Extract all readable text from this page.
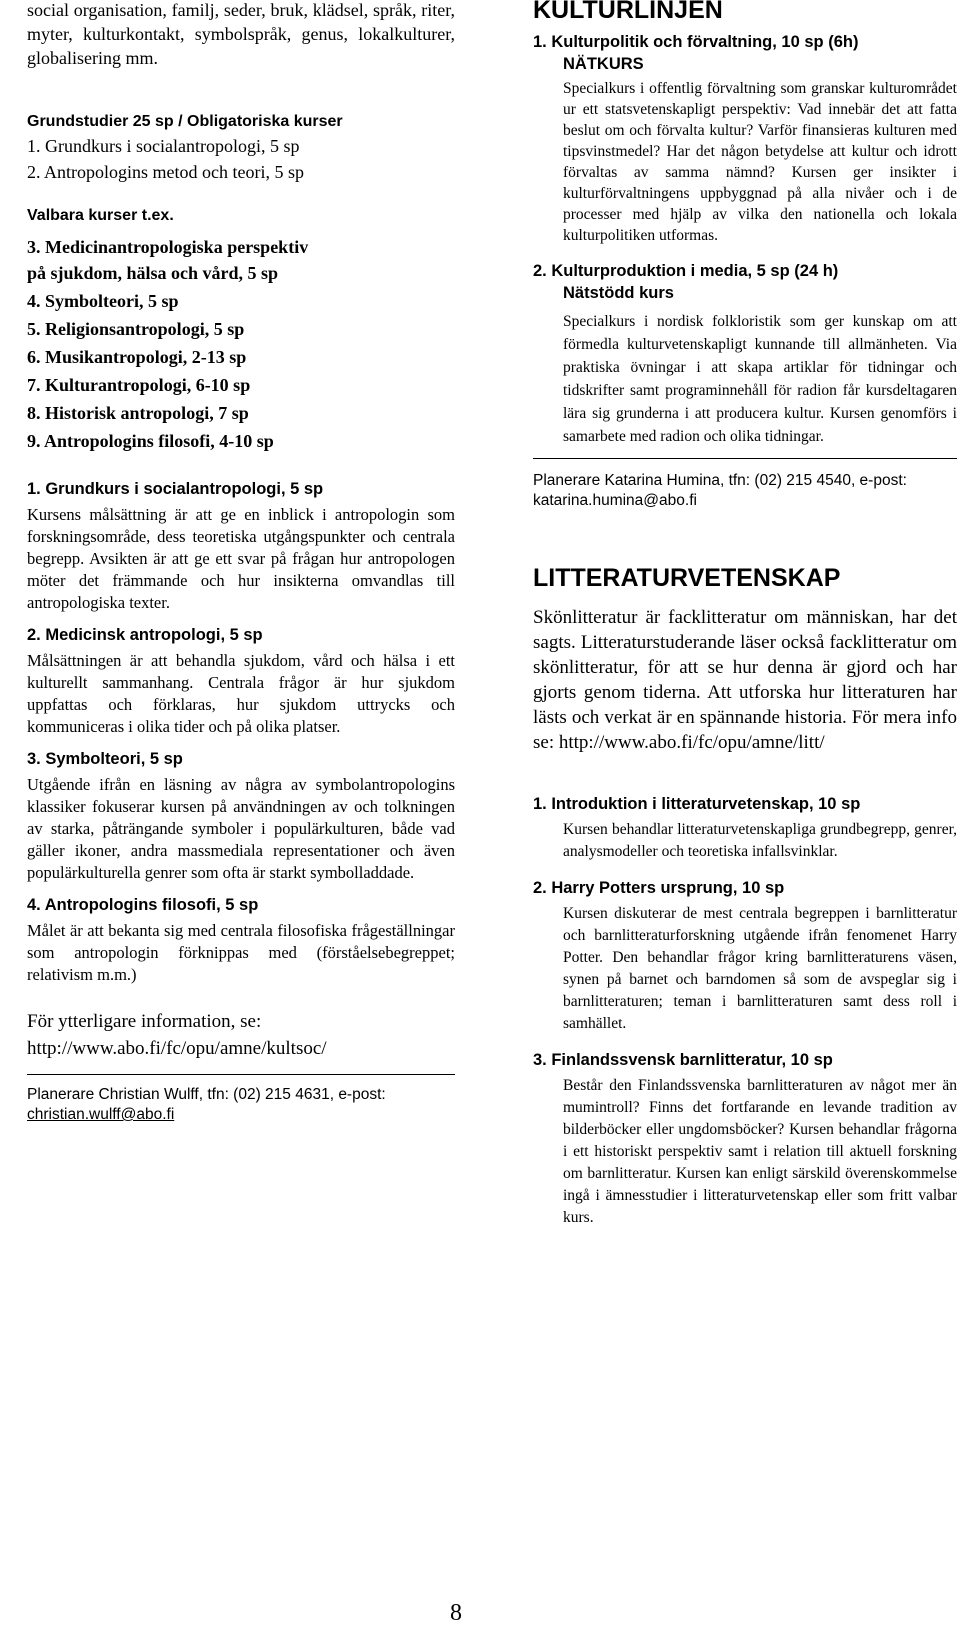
social organisation, familj, seder, bruk, klädsel, språk, riter, myter, kulturkontakt, symbolspråk, genus, lokalkulturer, globalisering mm.

Grundstudier 25 sp / Obligatoriska kurser

1. Grundkurs i socialantropologi, 5 sp

2. Antropologins metod och teori, 5 sp

Valbara kurser t.ex.

3. Medicinantropologiska perspektiv på sjukdom, hälsa och vård, 5 sp

4. Symbolteori, 5 sp

5. Religionsantropologi, 5 sp

6. Musikantropologi, 2-13 sp

7. Kulturantropologi, 6-10 sp

8. Historisk antropologi, 7 sp

9. Antropologins filosofi, 4-10 sp

1. Grundkurs i socialantropologi, 5 sp

Kursens målsättning är att ge en inblick i antropologin som forskningsområde, dess teoretiska utgångspunkter och centrala begrepp. Avsikten är att ge ett svar på frågan hur antropologen möter det främmande och hur insikterna omvandlas till antropologiska texter.

2. Medicinsk antropologi, 5 sp

Målsättningen är att behandla sjukdom, vård och hälsa i ett kulturellt sammanhang. Centrala frågor är hur sjukdom uppfattas och förklaras, hur sjukdom uttrycks och kommuniceras i olika tider och på olika platser.

3. Symbolteori, 5 sp

Utgående ifrån en läsning av några av symbolantropologins klassiker fokuserar kursen på användningen av och tolkningen av starka, påträngande symboler i populärkulturen, både vad gäller ikoner, andra massmediala representationer och även populärkulturella genrer som ofta är starkt symbolladdade.

4. Antropologins filosofi, 5 sp

Målet är att bekanta sig med centrala filosofiska frågeställningar som antropologin förknippas med (förståelsebegreppet; relativism m.m.)

För ytterligare information, se:

http://www.abo.fi/fc/opu/amne/kultsoc/

Planerare Christian Wulff, tfn: (02) 215 4631, e-post: christian.wulff@abo.fi

KULTURLINJEN

1. Kulturpolitik och förvaltning, 10 sp (6h)

NÄTKURS

Specialkurs i offentlig förvaltning som granskar kulturområdet ur ett statsvetenskapligt perspektiv: Vad innebär det att fatta beslut om och förvalta kultur? Varför finansieras kulturen med tipsvinstmedel? Har det någon betydelse att kultur och idrott förvaltas av samma nämnd? Kursen ger insikter i kulturförvaltningens uppbyggnad på alla nivåer och i de processer med hjälp av vilka den nationella och lokala kulturpolitiken utformas.

2. Kulturproduktion i media, 5 sp (24 h)

Nätstödd kurs

Specialkurs i nordisk folkloristik som ger kunskap om att förmedla kulturvetenskapligt kunnande till allmänheten. Via praktiska övningar i att skapa artiklar för tidningar och tidskrifter samt programinnehåll för radion får kursdeltagaren lära sig grunderna i att producera kultur. Kursen genomförs i samarbete med radion och olika tidningar.

Planerare Katarina Humina, tfn: (02) 215 4540, e-post: katarina.humina@abo.fi

LITTERATURVETENSKAP

Skönlitteratur är facklitteratur om människan, har det sagts. Litteraturstuderande läser också facklitteratur om skönlitteratur, för att se hur denna är gjord och har gjorts genom tiderna. Att utforska hur litteraturen har lästs och verkat är en spännande historia. För mera info se: http://www.abo.fi/fc/opu/amne/litt/

1. Introduktion i litteraturvetenskap, 10 sp

Kursen behandlar litteraturvetenskapliga grundbegrepp, genrer, analysmodeller och teoretiska infallsvinklar.

2. Harry Potters ursprung, 10 sp

Kursen diskuterar de mest centrala begreppen i barnlitteratur och barnlitteraturforskning utgående ifrån fenomenet Harry Potter. Den behandlar frågor kring barnlitteraturens väsen, synen på barnet och barndomen så som de avspeglar sig i barnlitteraturen; teman i barnlitteraturen samt dess roll i samhället.

3. Finlandssvensk barnlitteratur, 10 sp

Består den Finlandssvenska barnlitteraturen av något mer än mumintroll? Finns det fortfarande en levande tradition av bilderböcker eller ungdomsböcker? Kursen behandlar frågorna i ett historiskt perspektiv samt i relation till aktuell forskning om barnlitteratur. Kursen kan enligt särskild överenskommelse ingå i ämnesstudier i litteraturvetenskap eller som fritt valbar kurs.

8
